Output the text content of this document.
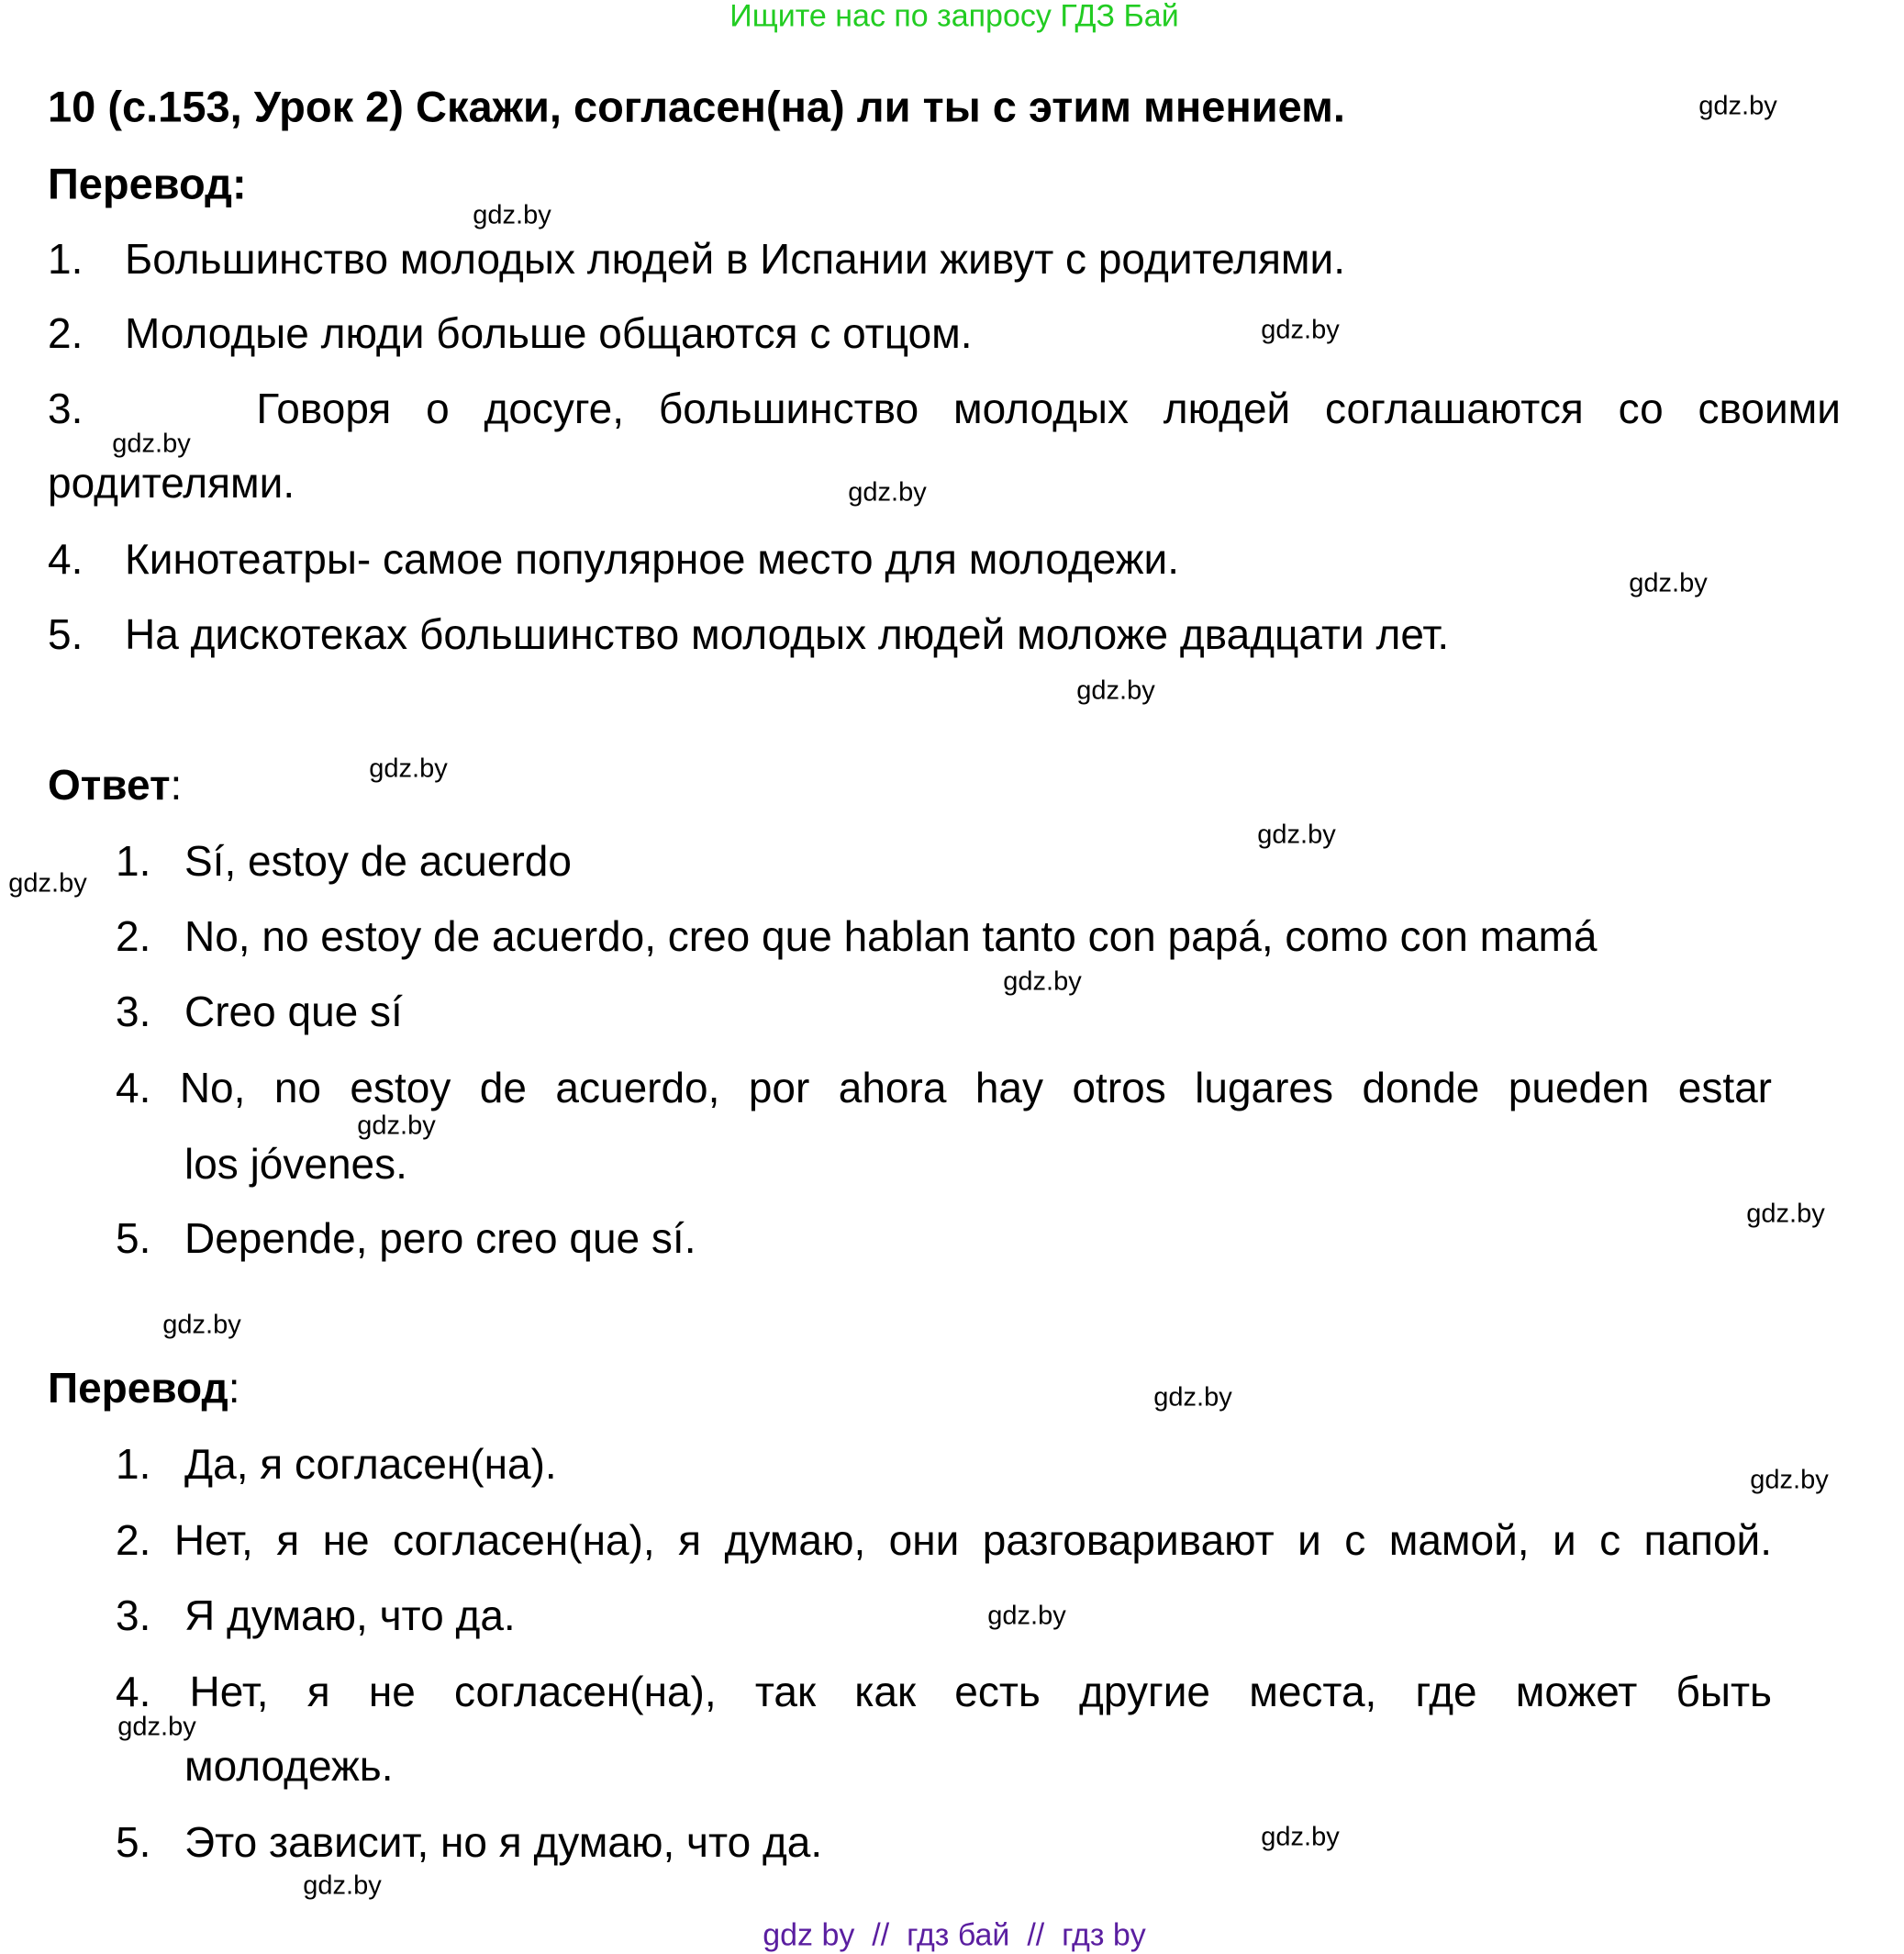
Ищите нас по запросу ГДЗ Бай
10 (с.153, Урок 2) Скажи, согласен(на) ли ты с этим мнением.
Перевод:
1. Большинство молодых людей в Испании живут с родителями.
2. Молодые люди больше общаются с отцом.
3.	Говоря о досуге, большинство молодых людей соглашаются со своими
родителями.
4. Кинотеатры- самое популярное место для молодежи.
5. На дискотеках большинство молодых людей моложе двадцати лет.
Ответ:
1. Sí, estoy de acuerdo
2. No, no estoy de acuerdo, creo que hablan tanto con papá, como con mamá
3. Creo que sí
4. No, no estoy de acuerdo, por ahora hay otros lugares donde pueden estar
los jóvenes.
5. Depende, pero creo que sí.
Перевод:
1. Да, я согласен(на).
2. Нет, я не согласен(на), я думаю, они разговаривают и с мамой, и с папой.
3. Я думаю, что да.
4. Нет, я не согласен(на), так как есть другие места, где может быть
молодежь.
5. Это зависит, но я думаю, что да.
gdz.by
gdz.by
gdz.by
gdz.by
gdz.by
gdz.by
gdz.by
gdz.by
gdz.by
gdz.by
gdz.by
gdz.by
gdz.by
gdz.by
gdz.by
gdz.by
gdz.by
gdz.by
gdz.by
gdz.by
gdz by  //  гдз бай  //  гдз by
